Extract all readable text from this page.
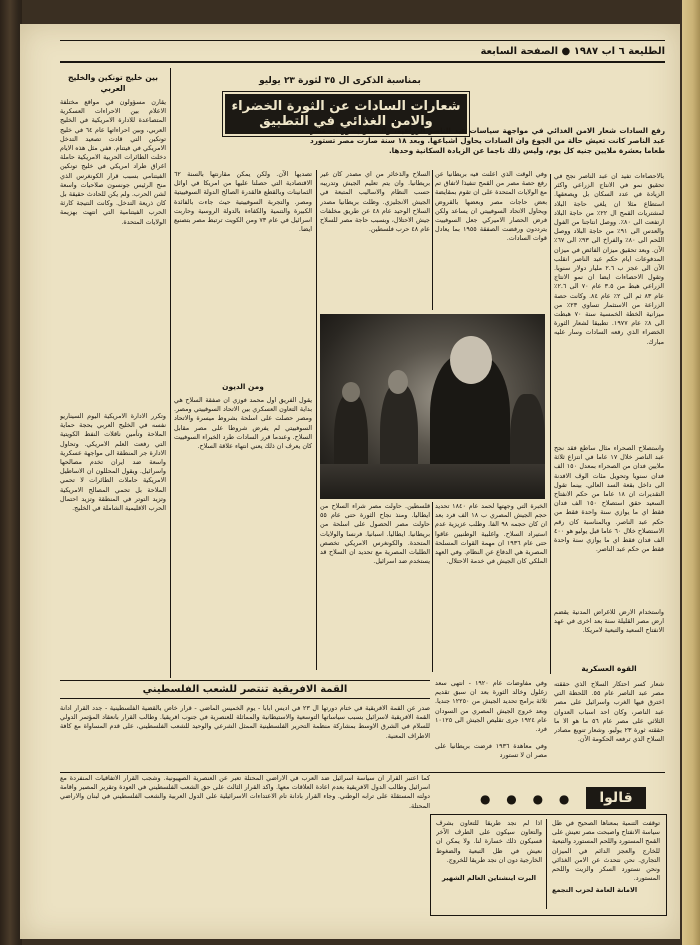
الطليعة ٦ اب ١٩٨٧ ● الصفحة السابعة
بين خليج تونكين والخليج العربي
يقارن مسؤولون في مواقع مختلفة الاعلام بين الاحراءات العسكرية المتصاعدة للادارة الامريكية في الخليج العربي، وبين احراءاتها عام ٦٤ في خليج تونكين التي قادت تصعيد التدخل الامريكي في فيتنام. ففي مثل هذه الايام دخلت الطائرات الحربية الامريكية حاملة اغراق طراد امريكي في خليج تونكين الفيتنامي بسبب قرار الكونغرس الذي منح الرئيس جونسون صلاحيات واسعة لشن الحرب. ولم يكن للحادث حقيقة بل كان ذريعة التدخل. وكانت النتيجة كارثة الحرب الفيتنامية التي انتهت بهزيمة الولايات المتحدة.
وتكرر الادارة الامريكية اليوم السيناريو نفسه في الخليج العربي بحجة حماية الملاحة وتأمين ناقلات النفط الكويتية التي رفعت العلم الامريكي. وتحاول الادارة جر المنطقة الى مواجهة عسكرية واسعة ضد ايران تخدم مصالحها واسرائيل. ويقول المحللون ان الاساطيل الامريكية حاملات الطائرات لا تحمي الملاحة بل تحمي المصالح الامريكية وتزيد التوتر في المنطقة وتزيد احتمال الحرب الاقليمية الشاملة في الخليج.
بمناسبة الذكرى ال ٣٥ لثورة ٢٣ يوليو
شعارات السادات عن الثورة الخضراء والامن الغذائي في التطبيق
رفع السادات شعار الامن الغذائي في مواجهة سياسات عبد الناصر الزراعية، والشعار يصور ان مصر عبد الناصر كانت تعيش حالة من الجوع وان السادات يحاول اشباعها. وبعد ١٨ سنة صارت مصر تستورد طعاما بعشرة ملايين جنيه كل يوم، وليس ذلك ناجما عن الزيادة السكانية وحدها.
بالاحصاءات تفيد ان عبد الناصر نجح في تحقيق نمو في الانتاج الزراعي واكثر الزيادة في عدد السكان بل ويصعقها. استطاع مثلا ان يلغي حاجة البلاد لمشتريات القمح ال ٢٢٪ من حاجة البلاد ارتفعت الى ٨٠٪. ووصل انتاجنا من الفول والعدس الى ٩١٪ من حاجة البلاد ووصل اللحم الى ٨٠٪ والفراخ الى ٩٣٪ الى ٦٧٪ الآن. وبعد تحقيق ميزان الفائض في ميزان المدفوعات ايام حكم عبد الناصر انقلب الآن الى عجز ب ٢.٦ مليار دولار سنويا. وتقول الاحصاءات ايضا ان نمو الانتاج الزراعي هبط من ٣.٥ عام ٧٠ الى ٢.٦٪ عام ٨٣ ثم الى ٢٪ عام ٨٤. وكانت حصة الزراعة من الاستثمار تساوي ٢٣٪ من ميزانية الخطة الخمسية سنة ٧٠ هبطت الى ٨٪ عام ١٩٧٧. تطبيقا لشعار الثورة الخضراء الذي رفعه السادات وسار عليه مبارك.
واستصلاح الصحراء مثال ساطع فقد نجح عبد الناصر خلال ١٧ عاما في انتزاع ثلاثة ملايين فدان من الصحراء بمعدل ١٥٠ الف فدان سنويا وتحويل مئات الوف الافدنة الى داخل بقعة السد العالي. بينما تقول التقديرات ان ١٨ عاما من حكم الانفتاح السعيد حقق استصلاح ١٥٠ الف فدان فقط اي ما يوازي سنة واحدة فقط من حكم عبد الناصر. وبالمناسبة كان رقم الاستصلاح خلال ٦٠ عاما قبل يوليو هو ٤٠٠ الف فدان فقط اي ما يوازي سنة واحدة فقط من حكم عبد الناصر.
واستخدام الارض للاغراض المدنية يقضم ارض مصر القليلة سنة بعد اخرى في عهد الانفتاح السعيد والتبعية لامريكا.
السلاح والذخائر من اي مصدر كان غير بريطانيا. وان يتم تعليم الجيش وتدريبه حسب النظام والاساليب المتبعة في الجيش الانجليزي. وظلت بريطانيا مصدر السلاح الوحيد عام ٤٨ عن طريق مخلفات جيش الاحتلال، وبسبب حاجة مصر للسلاح عام ٤٨ حرب فلسطين.
وفي الوقت الذي اعلنت فيه بريطانيا عن رفع حصة مصر من القمح تنفيذا لاتفاق تم مع الولايات المتحدة على ان تقوم بمقايضة بعض حاجات مصر وبعضها بالقروض ويحاول الاتحاد السوفييتي ان يساعد ولكن فرض الحصار الاميركي جعل السوفييت يترددون ورفضت الصفقة ١٩٥٥ بما يعادل قوات السادات.
تصديها الآن. ولكن يمكن مقارنتها بالسنة ٦٢ الاقتصادية التي حصلنا عليها من امريكا في اوائل الثمانينات وبالقطع فالقدرة الصالح الدولة السوفييتية ومصر. والتجربة السوفييتية حيث جاءت بالفائدة الكبيرة والتنمية والكفاءة بالدولة الروسية وحاربت اسرائيل في عام ٧٣ ومن الكويت ترتبط مصر بتصنيع ايضا.
ومن الديون
يقول الفريق اول محمد فوزي ان صفقة السلاح هي بداية التعاون العسكري بين الاتحاد السوفييتي ومصر. ومصر حصلت على اسلحة بشروط ميسرة والاتحاد السوفييتي لم يفرض شروطا على مصر مقابل السلاح. وعندما قرر السادات طرد الخبراء السوفييت كان يعرف ان ذلك يعني انتهاء علاقة السلاح.
قلسطين. حاولت مصر شراء السلاح من ايطاليا. ومنذ نجاح الثورة حتى عام ٥٥ حاولت مصر الحصول على اسلحة من بريطانيا. ايطاليا. اسبانيا. فرنسا والولايات المتحدة. والكونغرس الامريكي تخصص الطلبات المصرية مع تحديد ان السلاح قد يستخدم ضد اسرائيل.
الخبرة التي وجهتها لحمد عام ١٨٤٠ تحديد حجم الجيش المصري ب ١٨ الف فرد بعد ان كان حجمه ٩٨ الفا. وطلب عزيزية عدم استيراد السلاح. واغلبية الوطنيين عاقوا حتى عام ١٩٣٦ ان مهمة القوات المسلحة المصرية هي الدفاع عن النظام. وفي العهد الملكي كان الجيش في خدمة الاحتلال.
القوة العسكرية
وفي مفاوضات عام ١٩٢٠ - انتهى سعد زغلول وخالد الثورة بعد ان سبق تقديم ثلاثة برامج تحديد الجيش من ١٢٢٥٠ جنديا. وبعد خروج الجيش المصري من السودان عام ١٩٢٤ جرى تقليص الجيش الى ١٠١٢٥ فرد.
وفي معاهدة ١٩٣٦ فرضت بريطانيا على مصر ان لا تستورد
شعار كسر احتكار السلاح الذي حققته مصر عبد الناصر عام ٥٥. اللحظة التي اخترق فيها الغرب واسرائيل على مصر عبد الناصر، وكان احد اسباب العدوان الثلاثي على مصر عام ٥٦ ما هو الا ما حققته ثورة ٢٣ يوليو. وشعار تنويع مصادر السلاح الذي ترفعه الحكومة الآن.
القمة الافريقية تنتصر للشعب الفلسطيني
صدر عن القمة الافريقية في ختام دورتها ال ٢٣ في اديس ابابا - يوم الخميس الماضي - قرار خاص بالقضية الفلسطينية - جدد القرار ادانة القمة الافريقية لاسرائيل بسبب سياساتها التوسعية والاستيطانية والمماثلة للعنصرية في جنوب افريقيا. وطالب القرار بانعقاد المؤتمر الدولي للسلام في الشرق الاوسط بمشاركة منظمة التحرير الفلسطينية الممثل الشرعي والوحيد للشعب الفلسطيني، على قدم المساواة مع كافة الاطراف المعنية.
كما اعتبر القرار ان سياسة اسرائيل ضد العرب في الاراضي المحتلة تعبر عن العنصرية الصهيونية. وشجب القرار الاتفاقيات المنفردة مع اسرائيل وطالب الدول الافريقية بعدم اعادة العلاقات معها. واكد القرار الثالث على حق الشعب الفلسطيني في العودة وتقرير المصير واقامة دولته المستقلة على ترابه الوطني. وجاء القرار بادانة تام الاعتداءات الاسرائيلية على الدول العربية والشعب الفلسطيني في لبنان والاراضي المحتلة.	● ● ● ●	قالوا
توقفت التنمية بمعناها الصحيح في ظل سياسة الانفتاح واصبحت مصر تعيش على القمح المستورد واللحم المستورد والتبعية للخارج والعجز الدائم في الميزان التجاري. نحن نتحدث عن الامن الغذائي ونحن نستورد السكر والزيت واللحم المستورد.
الامانة العامة لحزب التجمع
اذا لم نجد طريقا للتعاون بشرف والتعاون سيكون على الطرف الآخر فسيكون ذلك خسارة لنا. ولا يمكن ان نعيش في ظل التبعية والضغوط الخارجية دون ان نجد طريقا للخروج.
البرت اينشتاين العالم الشهير
